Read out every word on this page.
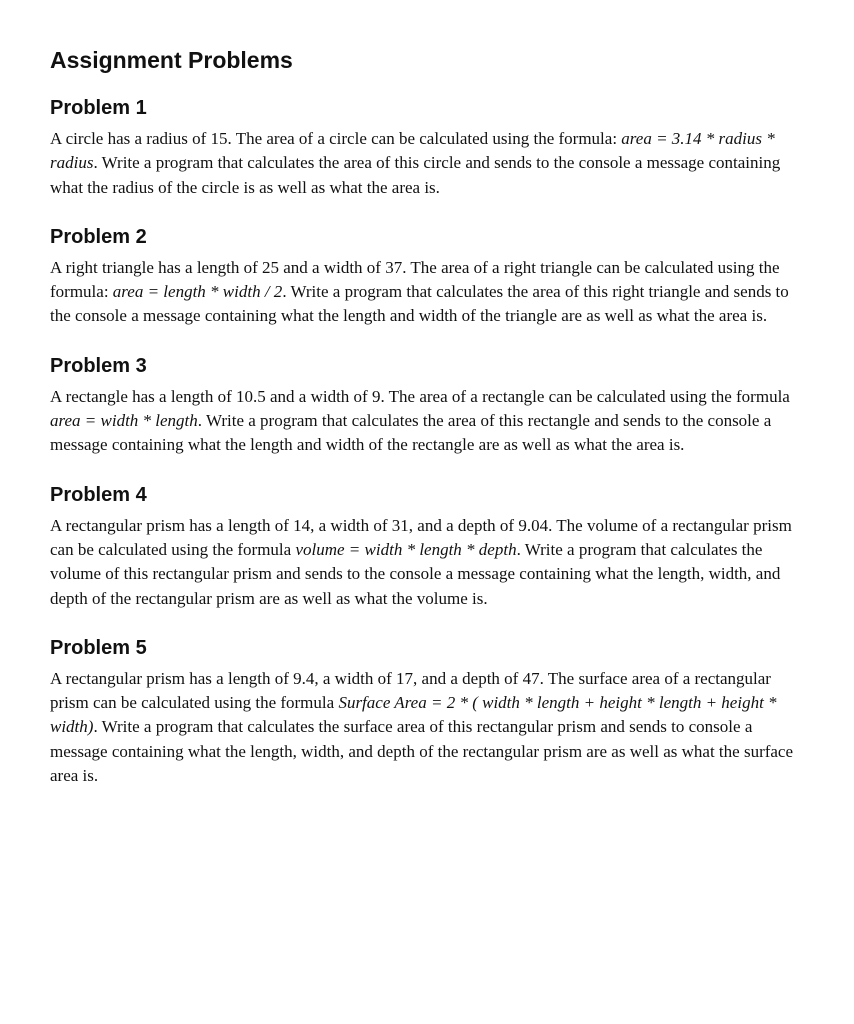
Assignment Problems
Problem 1

A circle has a radius of 15. The area of a circle can be calculated using the formula: area = 3.14 * radius * radius. Write a program that calculates the area of this circle and sends to the console a message containing what the radius of the circle is as well as what the area is.

Problem 2

A right triangle has a length of 25 and a width of 37. The area of a right triangle can be calculated using the formula: area = length * width / 2. Write a program that calculates the area of this right triangle and sends to the console a message containing what the length and width of the triangle are as well as what the area is.

Problem 3

A rectangle has a length of 10.5 and a width of 9. The area of a rectangle can be calculated using the formula area = width * length. Write a program that calculates the area of this rectangle and sends to the console a message containing what the length and width of the rectangle are as well as what the area is.

Problem 4

A rectangular prism has a length of 14, a width of 31, and a depth of 9.04. The volume of a rectangular prism can be calculated using the formula volume = width * length * depth. Write a program that calculates the volume of this rectangular prism and sends to the console a message containing what the length, width, and depth of the rectangular prism are as well as what the volume is.

Problem 5

A rectangular prism has a length of 9.4, a width of 17, and a depth of 47. The surface area of a rectangular prism can be calculated using the formula Surface Area = 2 * ( width * length + height * length + height * width). Write a program that calculates the surface area of this rectangular prism and sends to console a message containing what the length, width, and depth of the rectangular prism are as well as what the surface area is.
